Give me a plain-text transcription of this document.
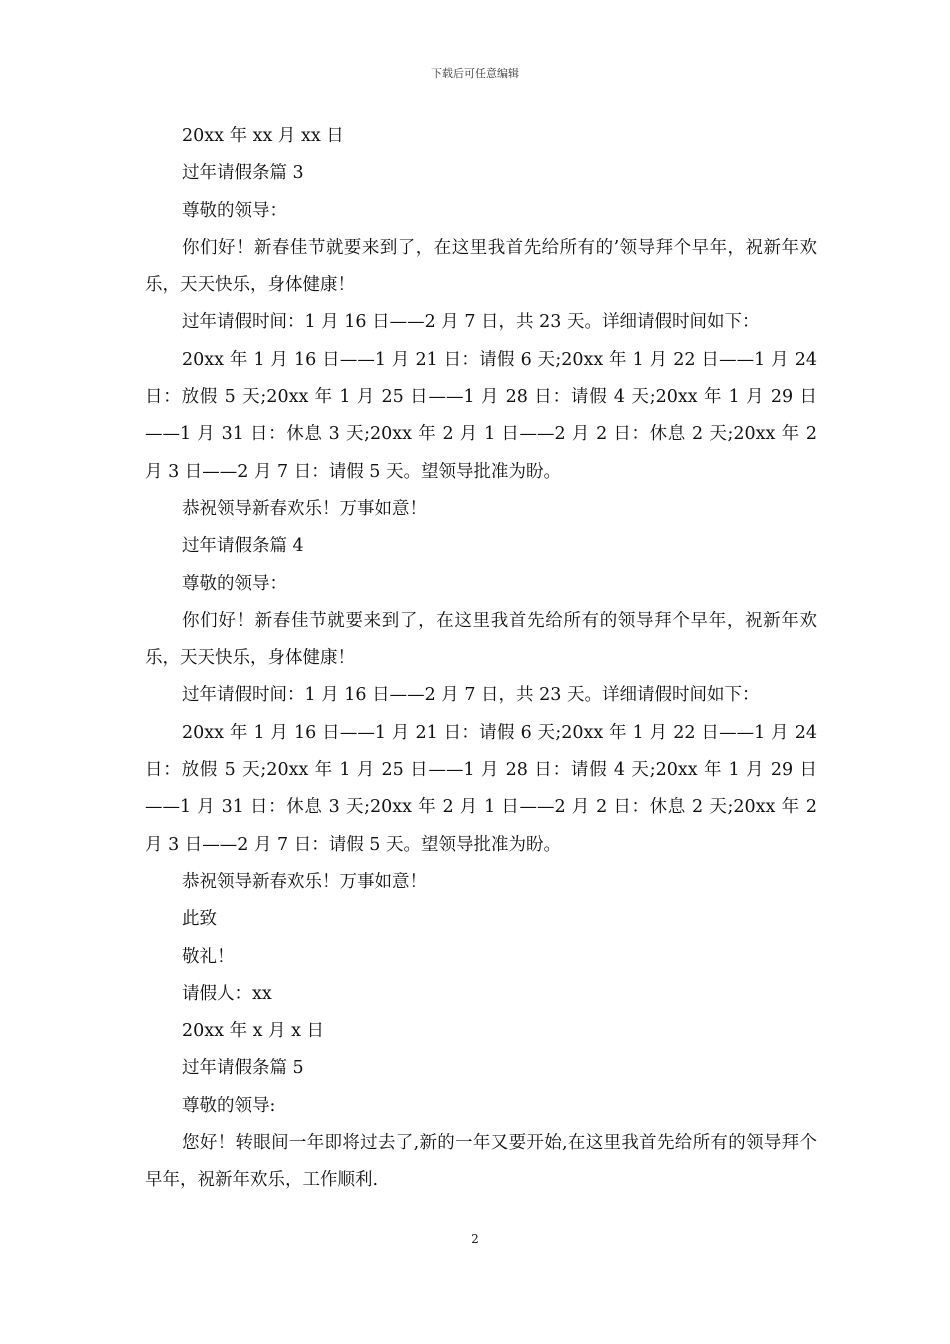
下载后可任意编辑

20xx 年 xx 月 xx 日

过年请假条篇 3

尊敬的领导：

你们好！新春佳节就要来到了，在这里我首先给所有的’领导拜个早年，祝新年欢乐，天天快乐，身体健康！

过年请假时间：1 月 16 日——2 月 7 日，共 23 天。详细请假时间如下：

20xx 年 1 月 16 日——1 月 21 日：请假 6 天;20xx 年 1 月 22 日——1 月 24 日：放假 5 天;20xx 年 1 月 25 日——1 月 28 日：请假 4 天;20xx 年 1 月 29 日——1 月 31 日：休息 3 天;20xx 年 2 月 1 日——2 月 2 日：休息 2 天;20xx 年 2 月 3 日——2 月 7 日：请假 5 天。望领导批准为盼。

恭祝领导新春欢乐！万事如意！

过年请假条篇 4

尊敬的领导：

你们好！新春佳节就要来到了，在这里我首先给所有的领导拜个早年，祝新年欢乐，天天快乐，身体健康！

过年请假时间：1 月 16 日——2 月 7 日，共 23 天。详细请假时间如下：

20xx 年 1 月 16 日——1 月 21 日：请假 6 天;20xx 年 1 月 22 日——1 月 24 日：放假 5 天;20xx 年 1 月 25 日——1 月 28 日：请假 4 天;20xx 年 1 月 29 日——1 月 31 日：休息 3 天;20xx 年 2 月 1 日——2 月 2 日：休息 2 天;20xx 年 2 月 3 日——2 月 7 日：请假 5 天。望领导批准为盼。

恭祝领导新春欢乐！万事如意！

此致

敬礼！

请假人：xx

20xx 年 x 月 x 日

过年请假条篇 5

尊敬的领导:

您好！转眼间一年即将过去了,新的一年又要开始,在这里我首先给所有的领导拜个早年，祝新年欢乐，工作顺利.

2
